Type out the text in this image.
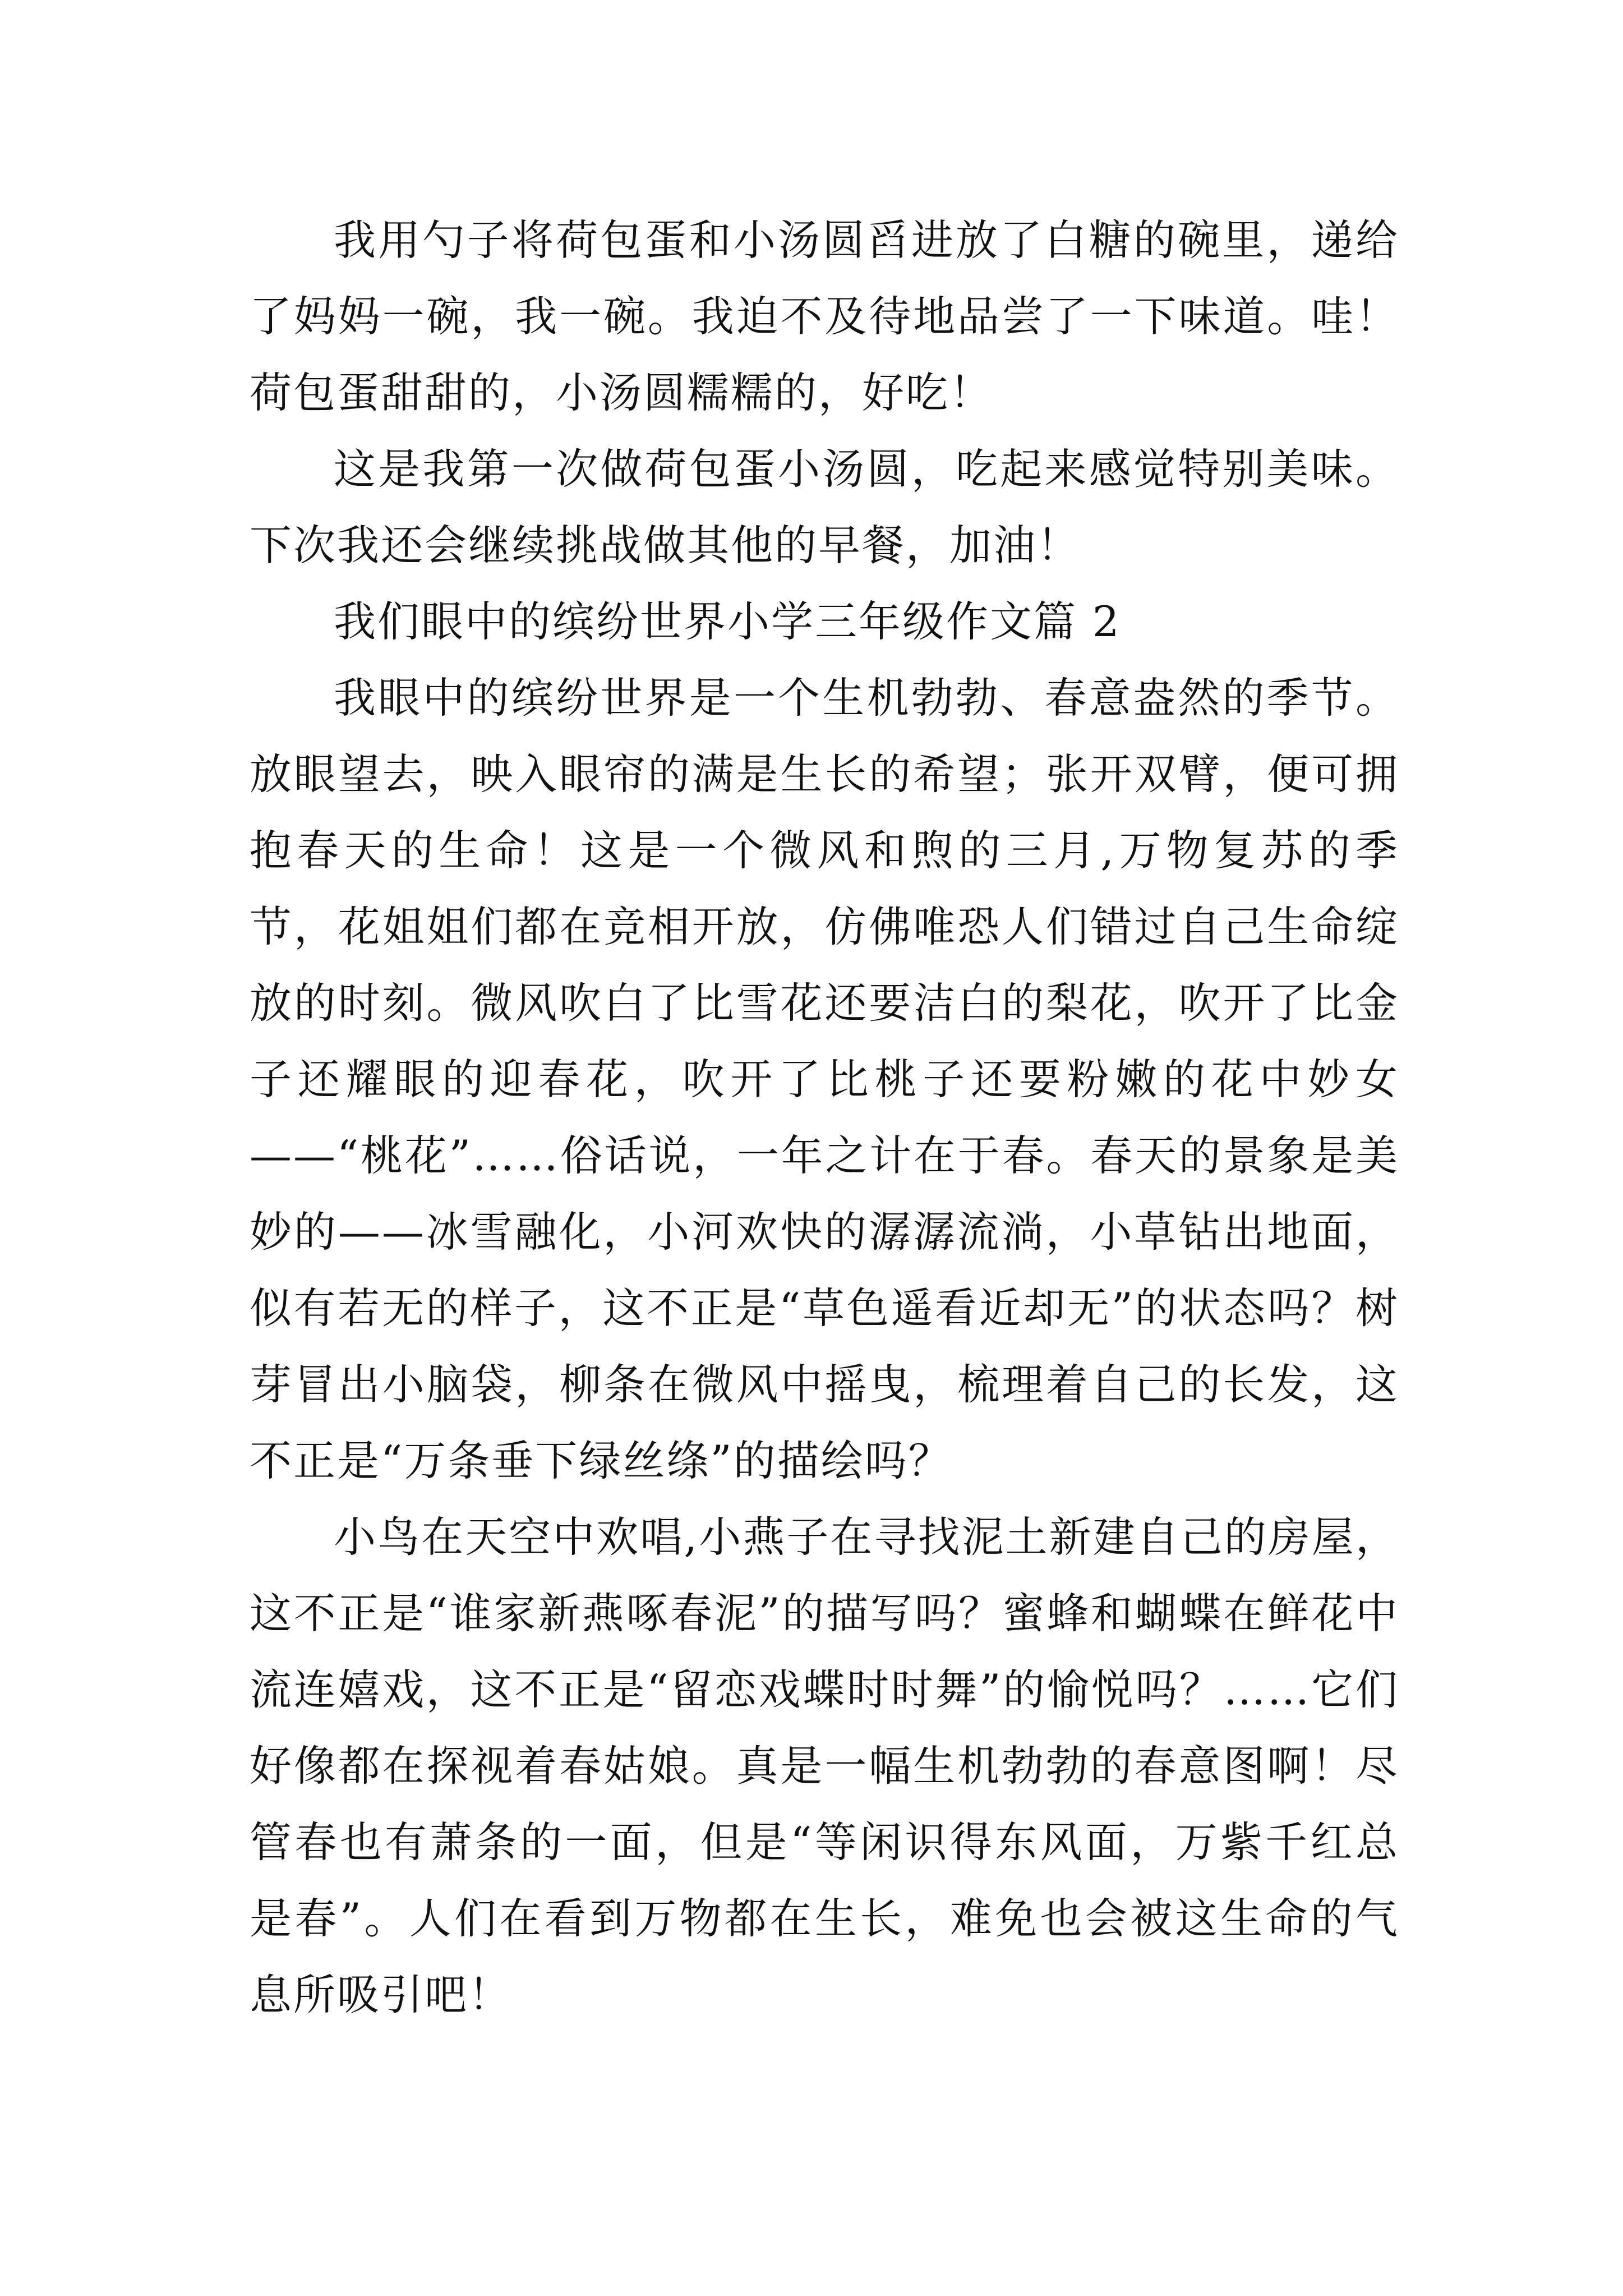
我用勺子将荷包蛋和小汤圆舀进放了白糖的碗里，递给了妈妈一碗，我一碗。我迫不及待地品尝了一下味道。哇！荷包蛋甜甜的，小汤圆糯糯的，好吃！

这是我第一次做荷包蛋小汤圆，吃起来感觉特别美味。下次我还会继续挑战做其他的早餐，加油！

我们眼中的缤纷世界小学三年级作文篇 2

我眼中的缤纷世界是一个生机勃勃、春意盎然的季节。放眼望去，映入眼帘的满是生长的希望；张开双臂，便可拥抱春天的生命！这是一个微风和煦的三月,万物复苏的季节，花姐姐们都在竞相开放，仿佛唯恐人们错过自己生命绽放的时刻。微风吹白了比雪花还要洁白的梨花，吹开了比金子还耀眼的迎春花，吹开了比桃子还要粉嫩的花中妙女——“桃花”……俗话说，一年之计在于春。春天的景象是美妙的——冰雪融化，小河欢快的潺潺流淌，小草钻出地面，似有若无的样子，这不正是“草色遥看近却无”的状态吗？树芽冒出小脑袋，柳条在微风中摇曳，梳理着自己的长发，这不正是“万条垂下绿丝绦”的描绘吗？

小鸟在天空中欢唱,小燕子在寻找泥土新建自己的房屋，这不正是“谁家新燕啄春泥”的描写吗？蜜蜂和蝴蝶在鲜花中流连嬉戏，这不正是“留恋戏蝶时时舞”的愉悦吗？……它们好像都在探视着春姑娘。真是一幅生机勃勃的春意图啊！尽管春也有萧条的一面，但是“等闲识得东风面，万紫千红总是春”。人们在看到万物都在生长，难免也会被这生命的气息所吸引吧！
